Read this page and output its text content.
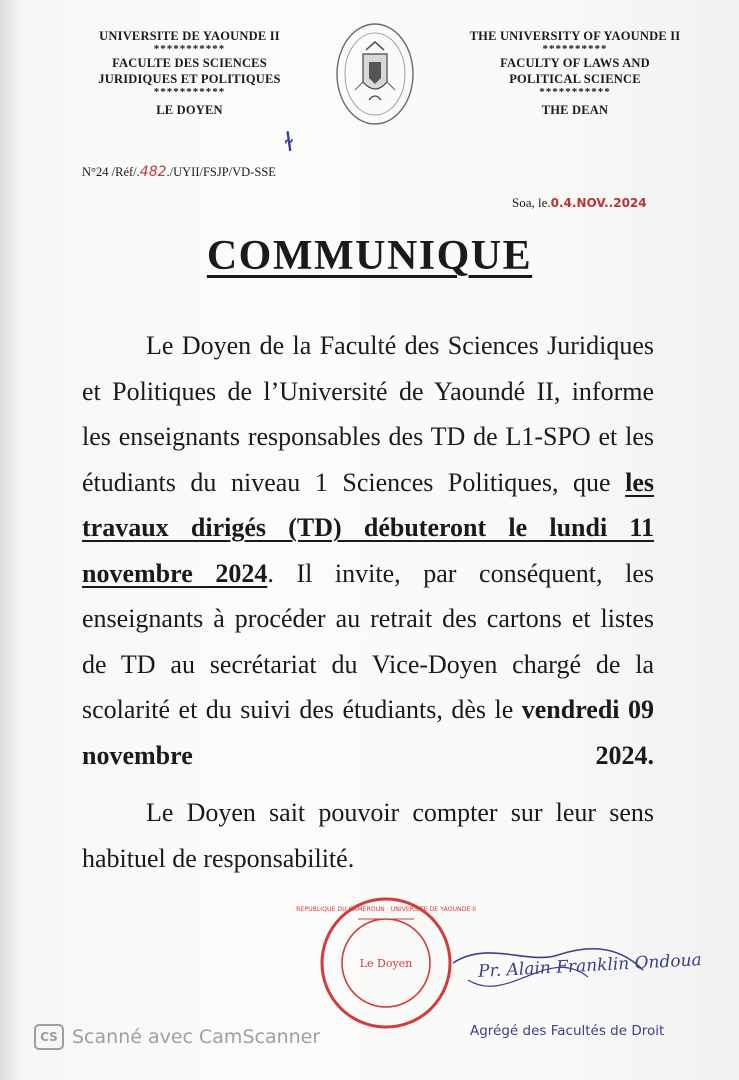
UNIVERSITE DE YAOUNDE II
***********
FACULTE DES SCIENCES
JURIDIQUES ET POLITIQUES
***********
LE DOYEN
THE UNIVERSITY OF YAOUNDE II
**********
FACULTY OF LAWS AND
POLITICAL SCIENCE
***********
THE DEAN
ɫ
N°24 /Réf/.482./UYII/FSJP/VD-SSE
Soa, le.0.4.NOV..2024
COMMUNIQUE

Le Doyen de la Faculté des Sciences Juridiques et Politiques de l’Université de Yaoundé II, informe les enseignants responsables des TD de L1-SPO et les étudiants du niveau 1 Sciences Politiques, que les travaux dirigés (TD) débuteront le lundi 11 novembre 2024. Il invite, par conséquent, les enseignants à procéder au retrait des cartons et listes de TD au secrétariat du Vice-Doyen chargé de la scolarité et du suivi des étudiants, dès le vendredi 09 novembre 2024.

Le Doyen sait pouvoir compter sur leur sens habituel de responsabilité.

Le Doyen
REPUBLIQUE DU CAMEROUN · UNIVERSITE DE YAOUNDE II
Pr. Alain Franklin Ondoua
Agrégé des Facultés de Droit
CS Scanné avec CamScanner
